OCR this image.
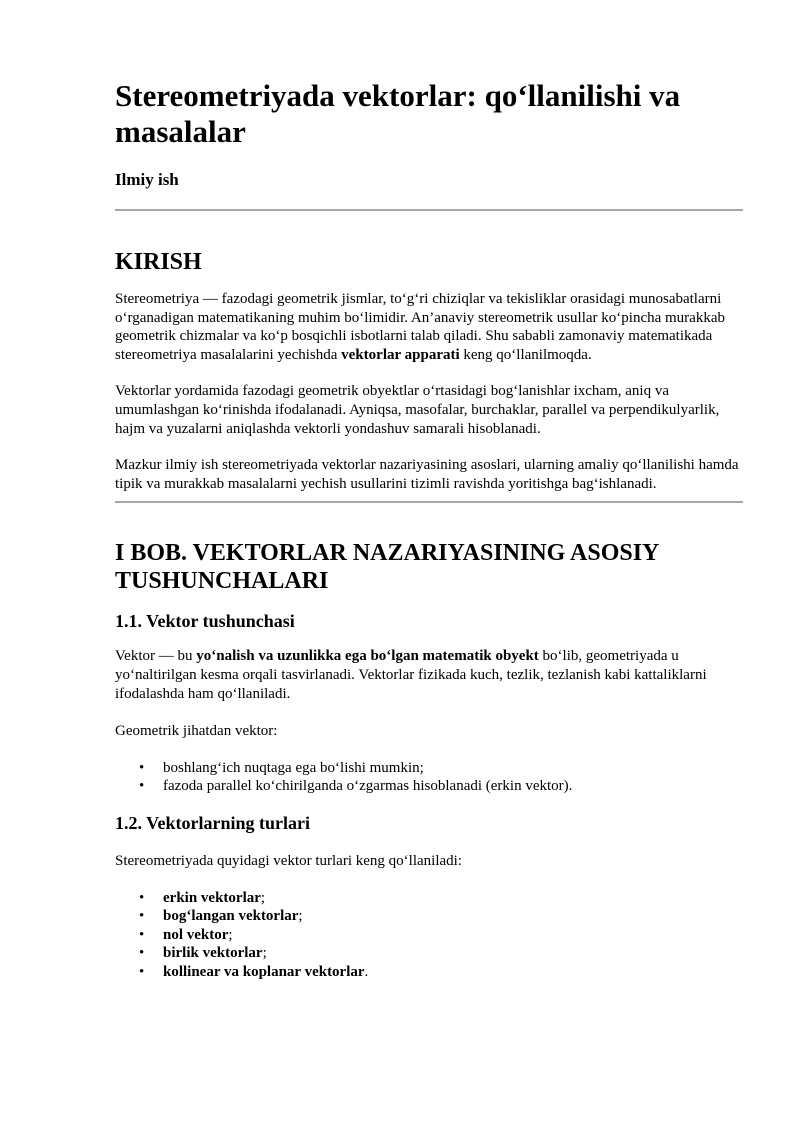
Stereometriyada vektorlar: qo‘llanilishi va masalalar
Ilmiy ish
KIRISH

Stereometriya — fazodagi geometrik jismlar, to‘g‘ri chiziqlar va tekisliklar orasidagi munosabatlarni o‘rganadigan matematikaning muhim bo‘limidir. An’anaviy stereometrik usullar ko‘pincha murakkab geometrik chizmalar va ko‘p bosqichli isbotlarni talab qiladi. Shu sababli zamonaviy matematikada stereometriya masalalarini yechishda vektorlar apparati keng qo‘llanilmoqda.

Vektorlar yordamida fazodagi geometrik obyektlar o‘rtasidagi bog‘lanishlar ixcham, aniq va umumlashgan ko‘rinishda ifodalanadi. Ayniqsa, masofalar, burchaklar, parallel va perpendikulyarlik, hajm va yuzalarni aniqlashda vektorli yondashuv samarali hisoblanadi.

Mazkur ilmiy ish stereometriyada vektorlar nazariyasining asoslari, ularning amaliy qo‘llanilishi hamda tipik va murakkab masalalarni yechish usullarini tizimli ravishda yoritishga bag‘ishlanadi.

I BOB. VEKTORLAR NAZARIYASINING ASOSIY TUSHUNCHALARI
1.1. Vektor tushunchasi

Vektor — bu yo‘nalish va uzunlikka ega bo‘lgan matematik obyekt bo‘lib, geometriyada u yo‘naltirilgan kesma orqali tasvirlanadi. Vektorlar fizikada kuch, tezlik, tezlanish kabi kattaliklarni ifodalashda ham qo‘llaniladi.

Geometrik jihatdan vektor:

• boshlang‘ich nuqtaga ega bo‘lishi mumkin;
• fazoda parallel ko‘chirilganda o‘zgarmas hisoblanadi (erkin vektor).
1.2. Vektorlarning turlari

Stereometriyada quyidagi vektor turlari keng qo‘llaniladi:

• erkin vektorlar;
• bog‘langan vektorlar;
• nol vektor;
• birlik vektorlar;
• kollinear va koplanar vektorlar.
